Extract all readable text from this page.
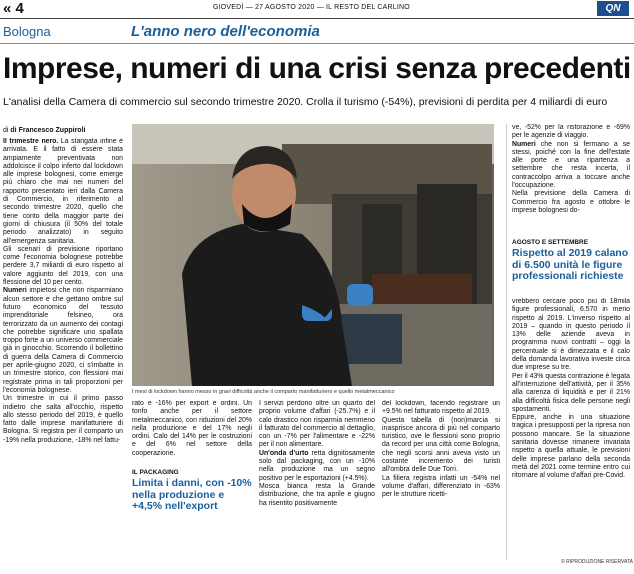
« 4	GIOVEDÌ — 27 AGOSTO 2020 — IL RESTO DEL CARLINO	QN
Bologna	L'anno nero dell'economia
Imprese, numeri di una crisi senza precedenti
L'analisi della Camera di commercio sul secondo trimestre 2020. Crolla il turismo (-54%), previsioni di perdita per 4 miliardi di euro
di di Francesco Zuppiroli

Il trimestre nero. La stangata infine è arrivata. E il fatto di essere stata ampiamente preventivata non addolcisce il colpo inferto dal lockdown alle imprese bolognesi, come emerge più chiaro che mai nei numeri del rapporto presentato ieri dalla Camera di Commercio, in riferimento al secondo trimestre 2020, quello che tiene conto della maggior parte dei giorni di chiusura (il 50% del totale periodo analizzato) in seguito all'emergenza sanitaria.

Gli scenari di previsione riportano come l'economia bolognese potrebbe perdere 3,7 miliardi di euro rispetto al valore aggiunto del 2019, con una flessione del 10 per cento.

Numeri impietosi che non risparmiano alcun settore e che gettano ombre sul futuro economico del tessuto imprenditoriale felsineo, ora terrorizzato da un aumento dei contagi che potrebbe significare uno spallata troppo forte a un universo commerciale già in ginocchio. Scorrendo il bollettino di guerra della Camera di Commercio per aprile-giugno 2020, ci s'imbatte in un trimestre storico, con flessioni mai registrate prima in tali proporzioni per l'economia bolognese.

Un trimestre in cui il primo passo indietro che salta all'occhio, rispetto allo stesso periodo del 2019, è quello fatto dalle imprese manifatturiere di Bologna. Si registra per il comparto un -19% nella produzione, -18% nel fattu-

I mesi di lockdown hanno messo in gravi difficoltà anche il comparto manifatturiero e quello metalmeccanico

rato e -16% per export e ordini. Un tonfo anche per il settore metalmeccanico, con riduzioni del 20% nella produzione e del 17% negli ordini. Calo del 14% per le costruzioni e del 6% nel settore della cooperazione.

IL PACKAGING
Limita i danni, con -10% nella produzione e +4,5% nell'export

I servizi perdono oltre un quarto del proprio volume d'affari (-25.7%) e il calo drastico non risparmia nemmeno il fatturato del commercio al dettaglio, con un -7% per l'alimentare e -22% per il non alimentare.

Un'onda d'urto retta dignitosamente solo dal packaging, con un -10% nella produzione ma un segno positivo per le esportazioni (+4.5%).

Mosca bianca resta la Grande distribuzione, che tra aprile e giugno ha risentito positivamente

del lockdown, facendo registrare un +9.5% nel fatturato rispetto al 2019.

Questa tabella di (non)marcia si inasprisce ancora di più nel comparto turistico, ove le flessioni sono proprio da record per una città come Bologna, che negli scorsi anni aveva visto un costante incremento dei turisti all'ombra delle Due Torri.

La filiera registra infatti un -54% nel volume d'affari, differenziato in -63% per le strutture ricetti-

ve, -52% per la ristorazione e -69% per le agenzie di viaggio.

Numeri che non si fermano a se stessi, poiché con la fine dell'estate alle porte e una ripartenza a settembre che resta incerta, il contraccolpo arriva a toccare anche l'occupazione.

Nella previsione della Camera di Commercio fra agosto e ottobre le imprese bolognesi do-

AGOSTO E SETTEMBRE
Rispetto al 2019 calano di 6.500 unità le figure professionali richieste

vrebbero cercare poco più di 18mila figure professionali, 6.570 in meno rispetto al 2019. L'inverso rispetto al 2019 – quando in questo periodo il 13% delle aziende aveva in programma nuovi contratti – oggi la percentuale si è dimezzata e il calo della domanda lavorativa investe circa due imprese su tre.

Per il 43% questa contrazione è legata all'interruzione dell'attività, per il 35% alla carenza di liquidità e per il 21% alla difficoltà fisica delle persone negli spostamenti.

Eppure, anche in una situazione tragica i presupposti per la ripresa non possono mancare. Se la situazione sanitaria dovesse rimanere invariata rispetto a quella attuale, le previsioni delle imprese parlano della seconda metà del 2021 come termine entro cui ritornare al volume d'affari pre-Covid.

© RIPRODUZIONE RISERVATA
